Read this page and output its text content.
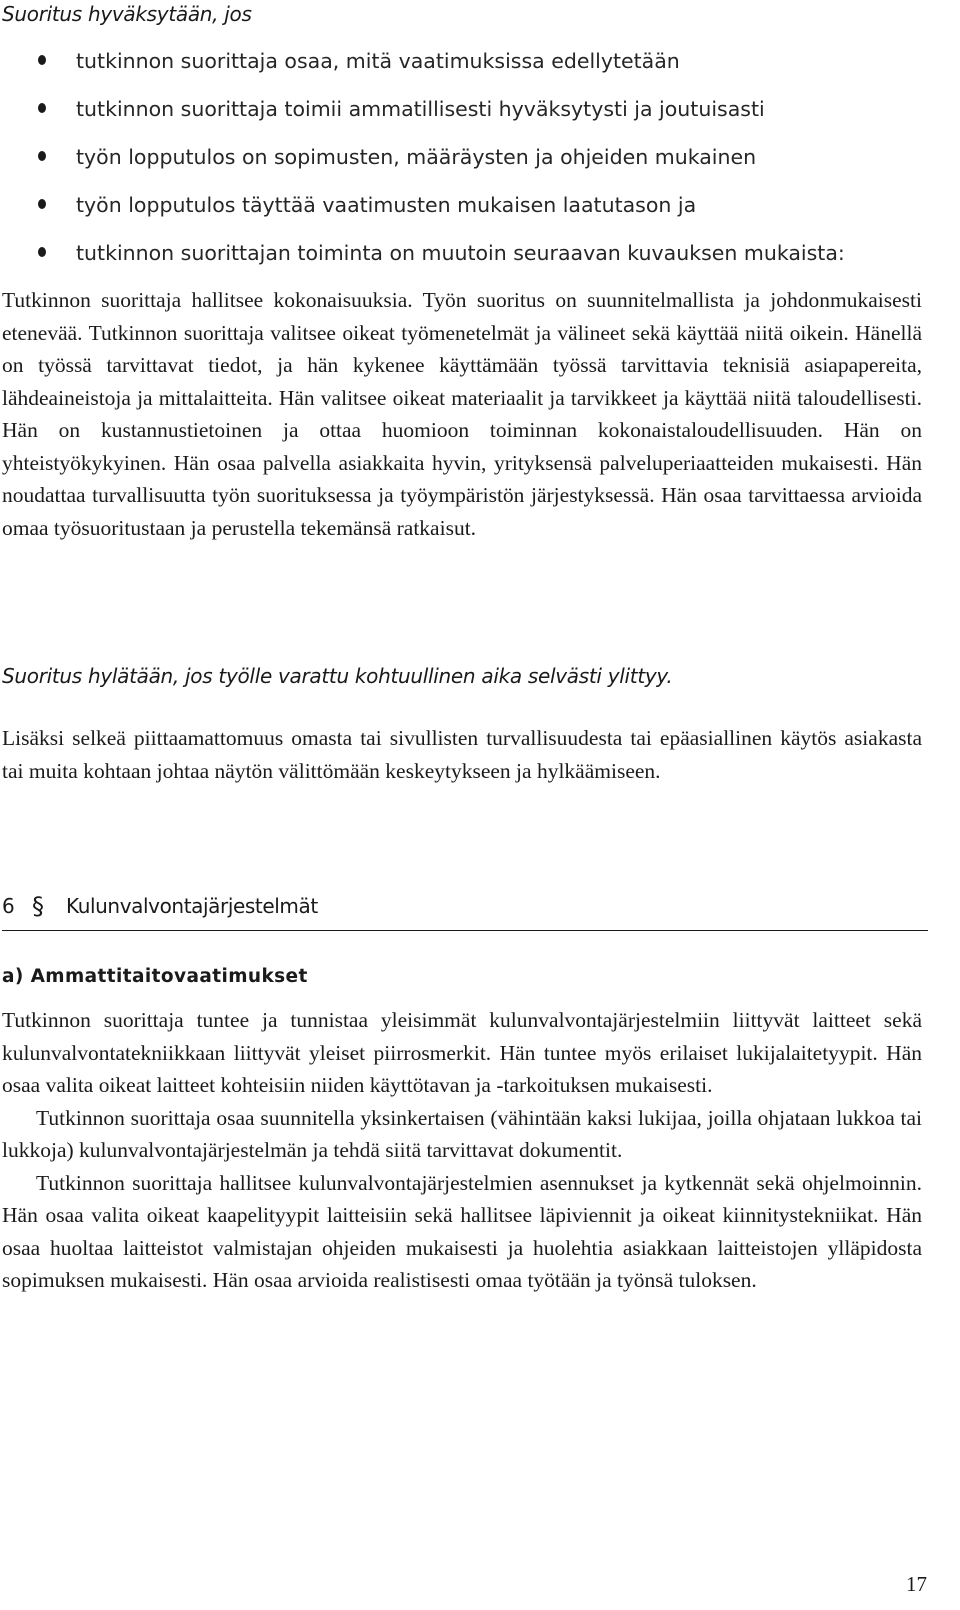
Suoritus hyväksytään, jos
tutkinnon suorittaja osaa, mitä vaatimuksissa edellytetään
tutkinnon suorittaja toimii ammatillisesti hyväksytysti ja joutuisasti
työn lopputulos on sopimusten, määräysten ja ohjeiden mukainen
työn lopputulos täyttää vaatimusten mukaisen laatutason ja
tutkinnon suorittajan toiminta on muutoin seuraavan kuvauksen mukaista:

Tutkinnon suorittaja hallitsee kokonaisuuksia. Työn suoritus on suunnitelmallista ja johdonmukaisesti etenevää. Tutkinnon suorittaja valitsee oikeat työmenetelmät ja välineet sekä käyttää niitä oikein. Hänellä on työssä tarvittavat tiedot, ja hän kykenee käyttämään työssä tarvittavia teknisiä asiapapereita, lähdeaineistoja ja mittalaitteita. Hän valitsee oikeat materiaalit ja tarvikkeet ja käyttää niitä taloudellisesti. Hän on kustannustietoinen ja ottaa huomioon toiminnan kokonaistaloudellisuuden. Hän on yhteistyökykyinen. Hän osaa palvella asiakkaita hyvin, yrityksensä palveluperiaatteiden mukaisesti. Hän noudattaa turvallisuutta työn suorituksessa ja työympäristön järjestyksessä. Hän osaa tarvittaessa arvioida omaa työsuoritustaan ja perustella tekemänsä ratkaisut.

Suoritus hylätään, jos työlle varattu kohtuullinen aika selvästi ylittyy.

Lisäksi selkeä piittaamattomuus omasta tai sivullisten turvallisuudesta tai epäasiallinen käytös asiakasta tai muita kohtaan johtaa näytön välittömään keskeytykseen ja hylkäämiseen.

6 § Kulunvalvontajärjestelmät
a) Ammattitaitovaatimukset

Tutkinnon suorittaja tuntee ja tunnistaa yleisimmät kulunvalvontajärjestelmiin liittyvät laitteet sekä kulunvalvontatekniikkaan liittyvät yleiset piirrosmerkit. Hän tuntee myös erilaiset lukijalaitetyypit. Hän osaa valita oikeat laitteet kohteisiin niiden käyttötavan ja -tarkoituksen mukaisesti.

Tutkinnon suorittaja osaa suunnitella yksinkertaisen (vähintään kaksi lukijaa, joilla ohjataan lukkoa tai lukkoja) kulunvalvontajärjestelmän ja tehdä siitä tarvittavat dokumentit.

Tutkinnon suorittaja hallitsee kulunvalvontajärjestelmien asennukset ja kytkennät sekä ohjelmoinnin. Hän osaa valita oikeat kaapelityypit laitteisiin sekä hallitsee läpiviennit ja oikeat kiinnitystekniikat. Hän osaa huoltaa laitteistot valmistajan ohjeiden mukaisesti ja huolehtia asiakkaan laitteistojen ylläpidosta sopimuksen mukaisesti. Hän osaa arvioida realistisesti omaa työtään ja työnsä tuloksen.

17
